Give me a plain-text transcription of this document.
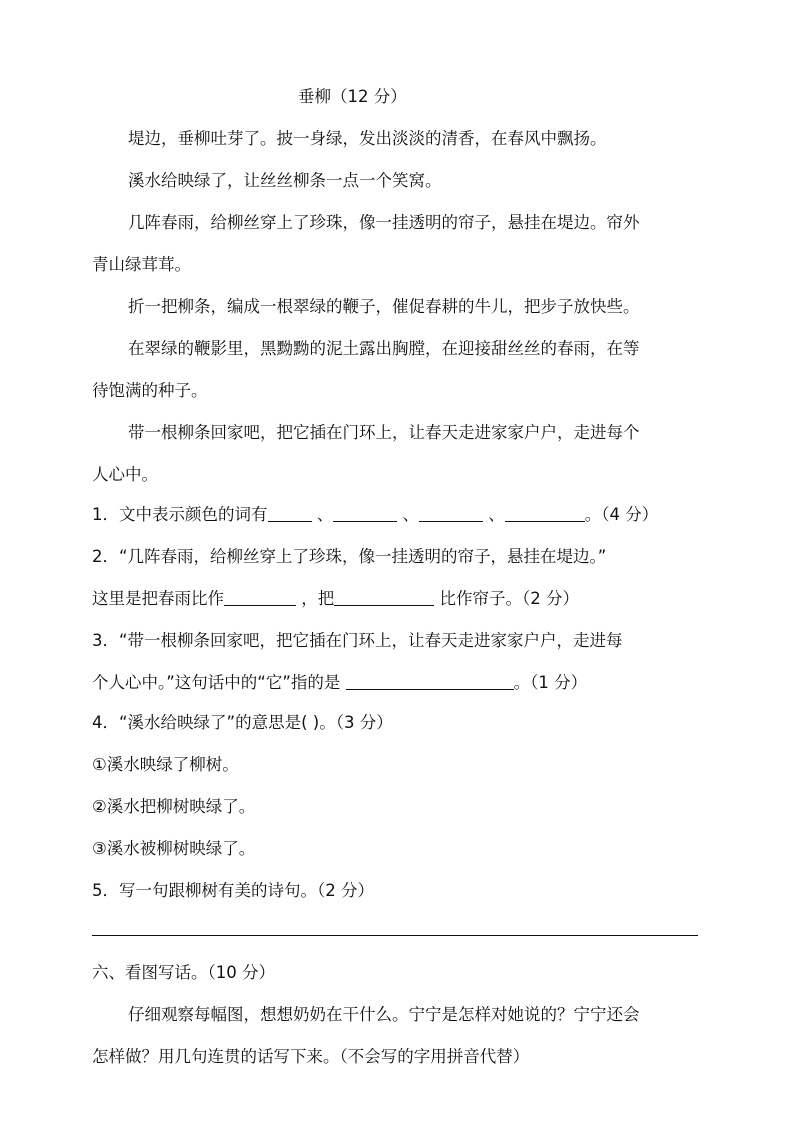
垂柳（12 分）
堤边，垂柳吐芽了。披一身绿，发出淡淡的清香，在春风中飘扬。
溪水给映绿了，让丝丝柳条一点一个笑窝。
几阵春雨，给柳丝穿上了珍珠，像一挂透明的帘子，悬挂在堤边。帘外
青山绿茸茸。
折一把柳条，编成一根翠绿的鞭子，催促春耕的牛儿，把步子放快些。
在翠绿的鞭影里，黑黝黝的泥土露出胸膛，在迎接甜丝丝的春雨，在等
待饱满的种子。
带一根柳条回家吧，把它插在门环上，让春天走进家家户户，走进每个
人心中。
1．文中表示颜色的词有	、	、	、	。（4 分）
2．“几阵春雨，给柳丝穿上了珍珠，像一挂透明的帘子，悬挂在堤边。”
这里是把春雨比作	，把	比作帘子。（2 分）
3．“带一根柳条回家吧，把它插在门环上，让春天走进家家户户，走进每
个人心中。”这句话中的“它”指的是	。（1 分）
4．“溪水给映绿了”的意思是( )。（3 分）
①溪水映绿了柳树。
②溪水把柳树映绿了。
③溪水被柳树映绿了。
5．写一句跟柳树有美的诗句。（2 分）
六、看图写话。（10 分）
仔细观察每幅图，想想奶奶在干什么。宁宁是怎样对她说的？宁宁还会
怎样做？用几句连贯的话写下来。（不会写的字用拼音代替）
